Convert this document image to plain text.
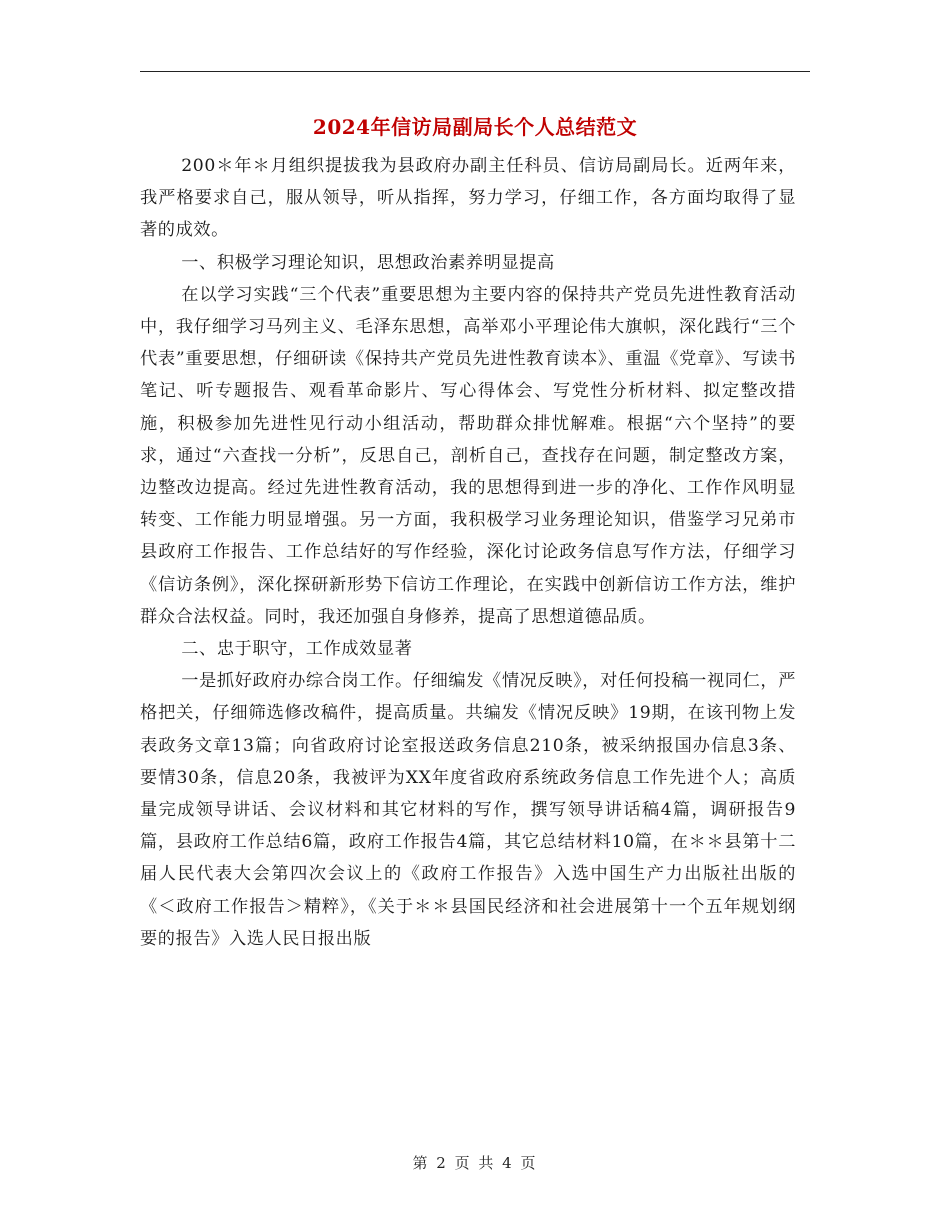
2024年信访局副局长个人总结范文

200＊年＊月组织提拔我为县政府办副主任科员、信访局副局长。近两年来，我严格要求自己，服从领导，听从指挥，努力学习，仔细工作，各方面均取得了显著的成效。

一、积极学习理论知识，思想政治素养明显提高

在以学习实践“三个代表”重要思想为主要内容的保持共产党员先进性教育活动中，我仔细学习马列主义、毛泽东思想，高举邓小平理论伟大旗帜，深化践行“三个代表”重要思想，仔细研读《保持共产党员先进性教育读本》、重温《党章》、写读书笔记、听专题报告、观看革命影片、写心得体会、写党性分析材料、拟定整改措施，积极参加先进性见行动小组活动，帮助群众排忧解难。根据“六个坚持”的要求，通过“六查找一分析”，反思自己，剖析自己，查找存在问题，制定整改方案，边整改边提高。经过先进性教育活动，我的思想得到进一步的净化、工作作风明显转变、工作能力明显增强。另一方面，我积极学习业务理论知识，借鉴学习兄弟市县政府工作报告、工作总结好的写作经验，深化讨论政务信息写作方法，仔细学习《信访条例》，深化探研新形势下信访工作理论，在实践中创新信访工作方法，维护群众合法权益。同时，我还加强自身修养，提高了思想道德品质。

二、忠于职守，工作成效显著

一是抓好政府办综合岗工作。仔细编发《情况反映》，对任何投稿一视同仁，严格把关，仔细筛选修改稿件，提高质量。共编发《情况反映》19期，在该刊物上发表政务文章13篇；向省政府讨论室报送政务信息210条，被采纳报国办信息3条、要情30条，信息20条，我被评为XX年度省政府系统政务信息工作先进个人；高质量完成领导讲话、会议材料和其它材料的写作，撰写领导讲话稿4篇，调研报告9篇，县政府工作总结6篇，政府工作报告4篇，其它总结材料10篇，在＊＊县第十二届人民代表大会第四次会议上的《政府工作报告》入选中国生产力出版社出版的《＜政府工作报告＞精粹》，《关于＊＊县国民经济和社会进展第十一个五年规划纲要的报告》入选人民日报出版

第 2 页 共 4 页
